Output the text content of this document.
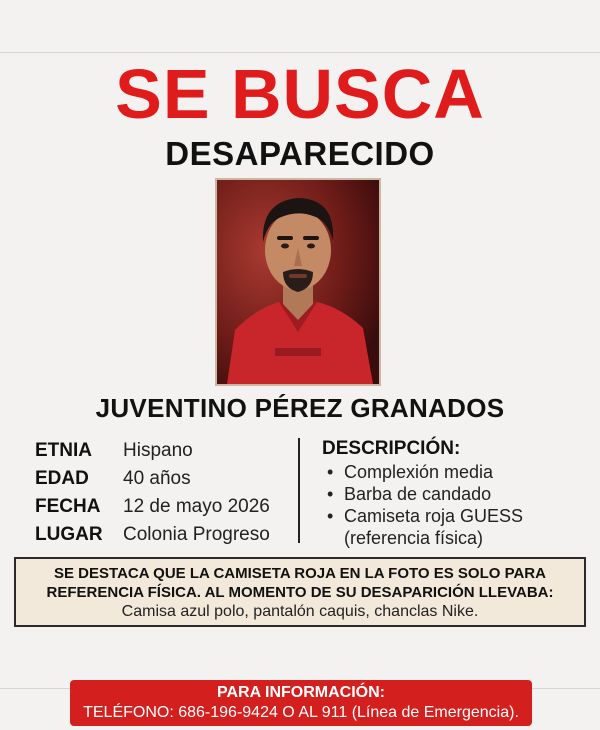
SE BUSCA
DESAPARECIDO
JUVENTINO PÉREZ GRANADOS
ETNIA	Hispano
EDAD	40 años
FECHA	12 de mayo 2026
LUGAR	Colonia Progreso
DESCRIPCIÓN:
• Complexión media
• Barba de candado
• Camiseta roja GUESS
(referencia física)
SE DESTACA QUE LA CAMISETA ROJA EN LA FOTO ES SOLO PARA
REFERENCIA FÍSICA. AL MOMENTO DE SU DESAPARICIÓN LLEVABA:
Camisa azul polo, pantalón caquis, chanclas Nike.
PARA INFORMACIÓN:
TELÉFONO: 686-196-9424 O AL 911 (Línea de Emergencia).
